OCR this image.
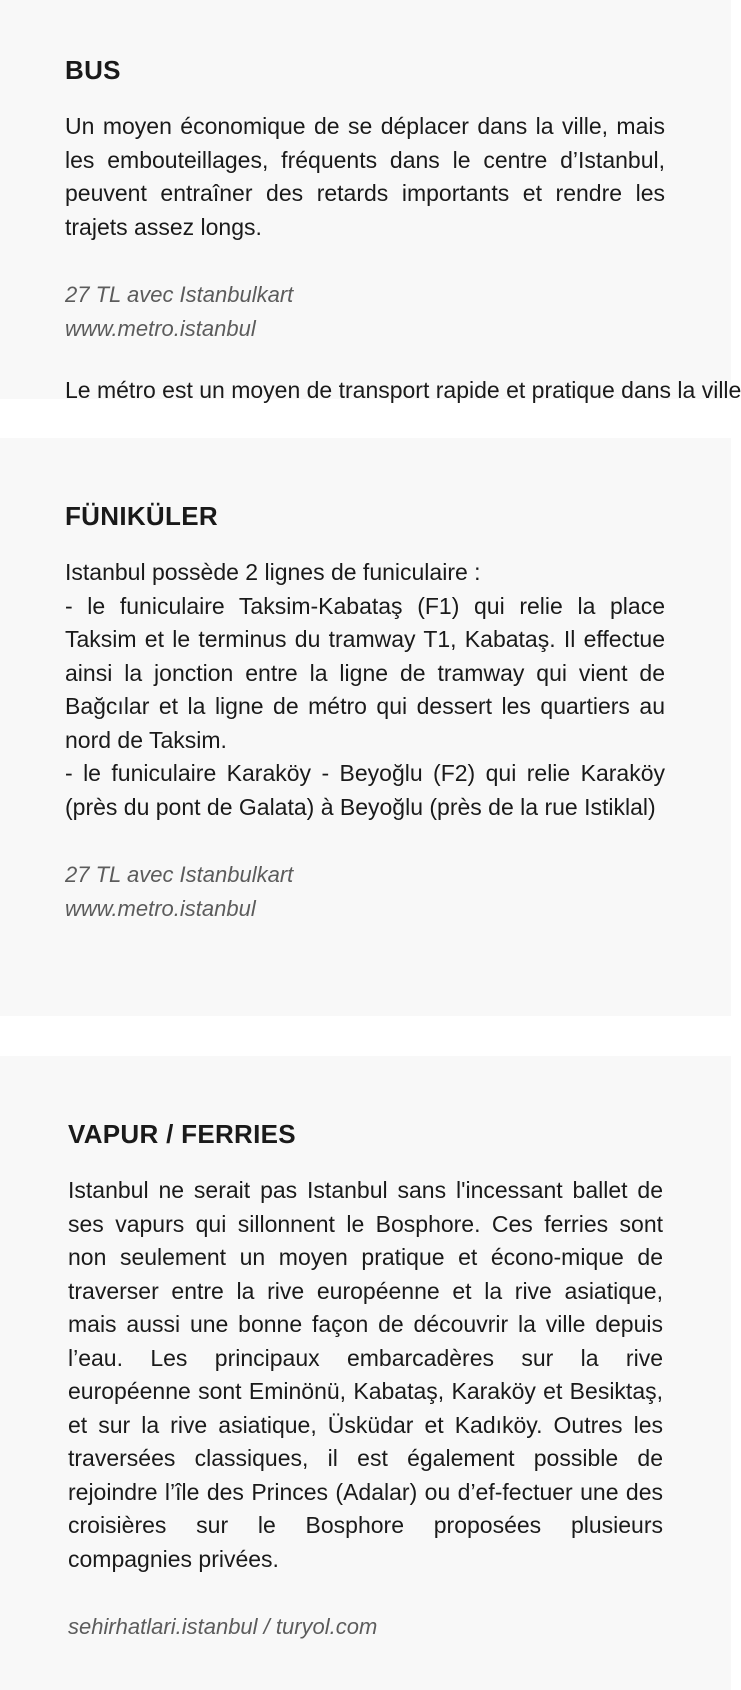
BUS

Un moyen économique de se déplacer dans la ville, mais les embouteillages, fréquents dans le centre d’Istanbul, peuvent entraîner des retards importants et rendre les trajets assez longs.

27 TL avec Istanbulkart
www.metro.istanbul
Le métro est un moyen de transport rapide et pratique dans la ville
FÜNIKÜLER

Istanbul possède 2 lignes de funiculaire :
- le funiculaire Taksim-Kabataş (F1) qui relie la place Taksim et le terminus du tramway T1, Kabataş. Il effectue ainsi la jonction entre la ligne de tramway qui vient de Bağcılar et la ligne de métro qui dessert les quartiers au nord de Taksim.
- le funiculaire Karaköy - Beyoğlu (F2) qui relie Karaköy (près du pont de Galata) à Beyoğlu (près de la rue Istiklal)

27 TL avec Istanbulkart
www.metro.istanbul
VAPUR / FERRIES

Istanbul ne serait pas Istanbul sans l'incessant ballet de ses vapurs qui sillonnent le Bosphore. Ces ferries sont non seulement un moyen pratique et écono-mique de traverser entre la rive européenne et la rive asiatique, mais aussi une bonne façon de découvrir la ville depuis l’eau. Les principaux embarcadères sur la rive européenne sont Eminönü, Kabataş, Karaköy et Besiktaş, et sur la rive asiatique, Üsküdar et Kadıköy. Outres les traversées classiques, il est également possible de rejoindre l’île des Princes (Adalar) ou d’ef-fectuer une des croisières sur le Bosphore proposées plusieurs compagnies privées.

sehirhatlari.istanbul / turyol.com
